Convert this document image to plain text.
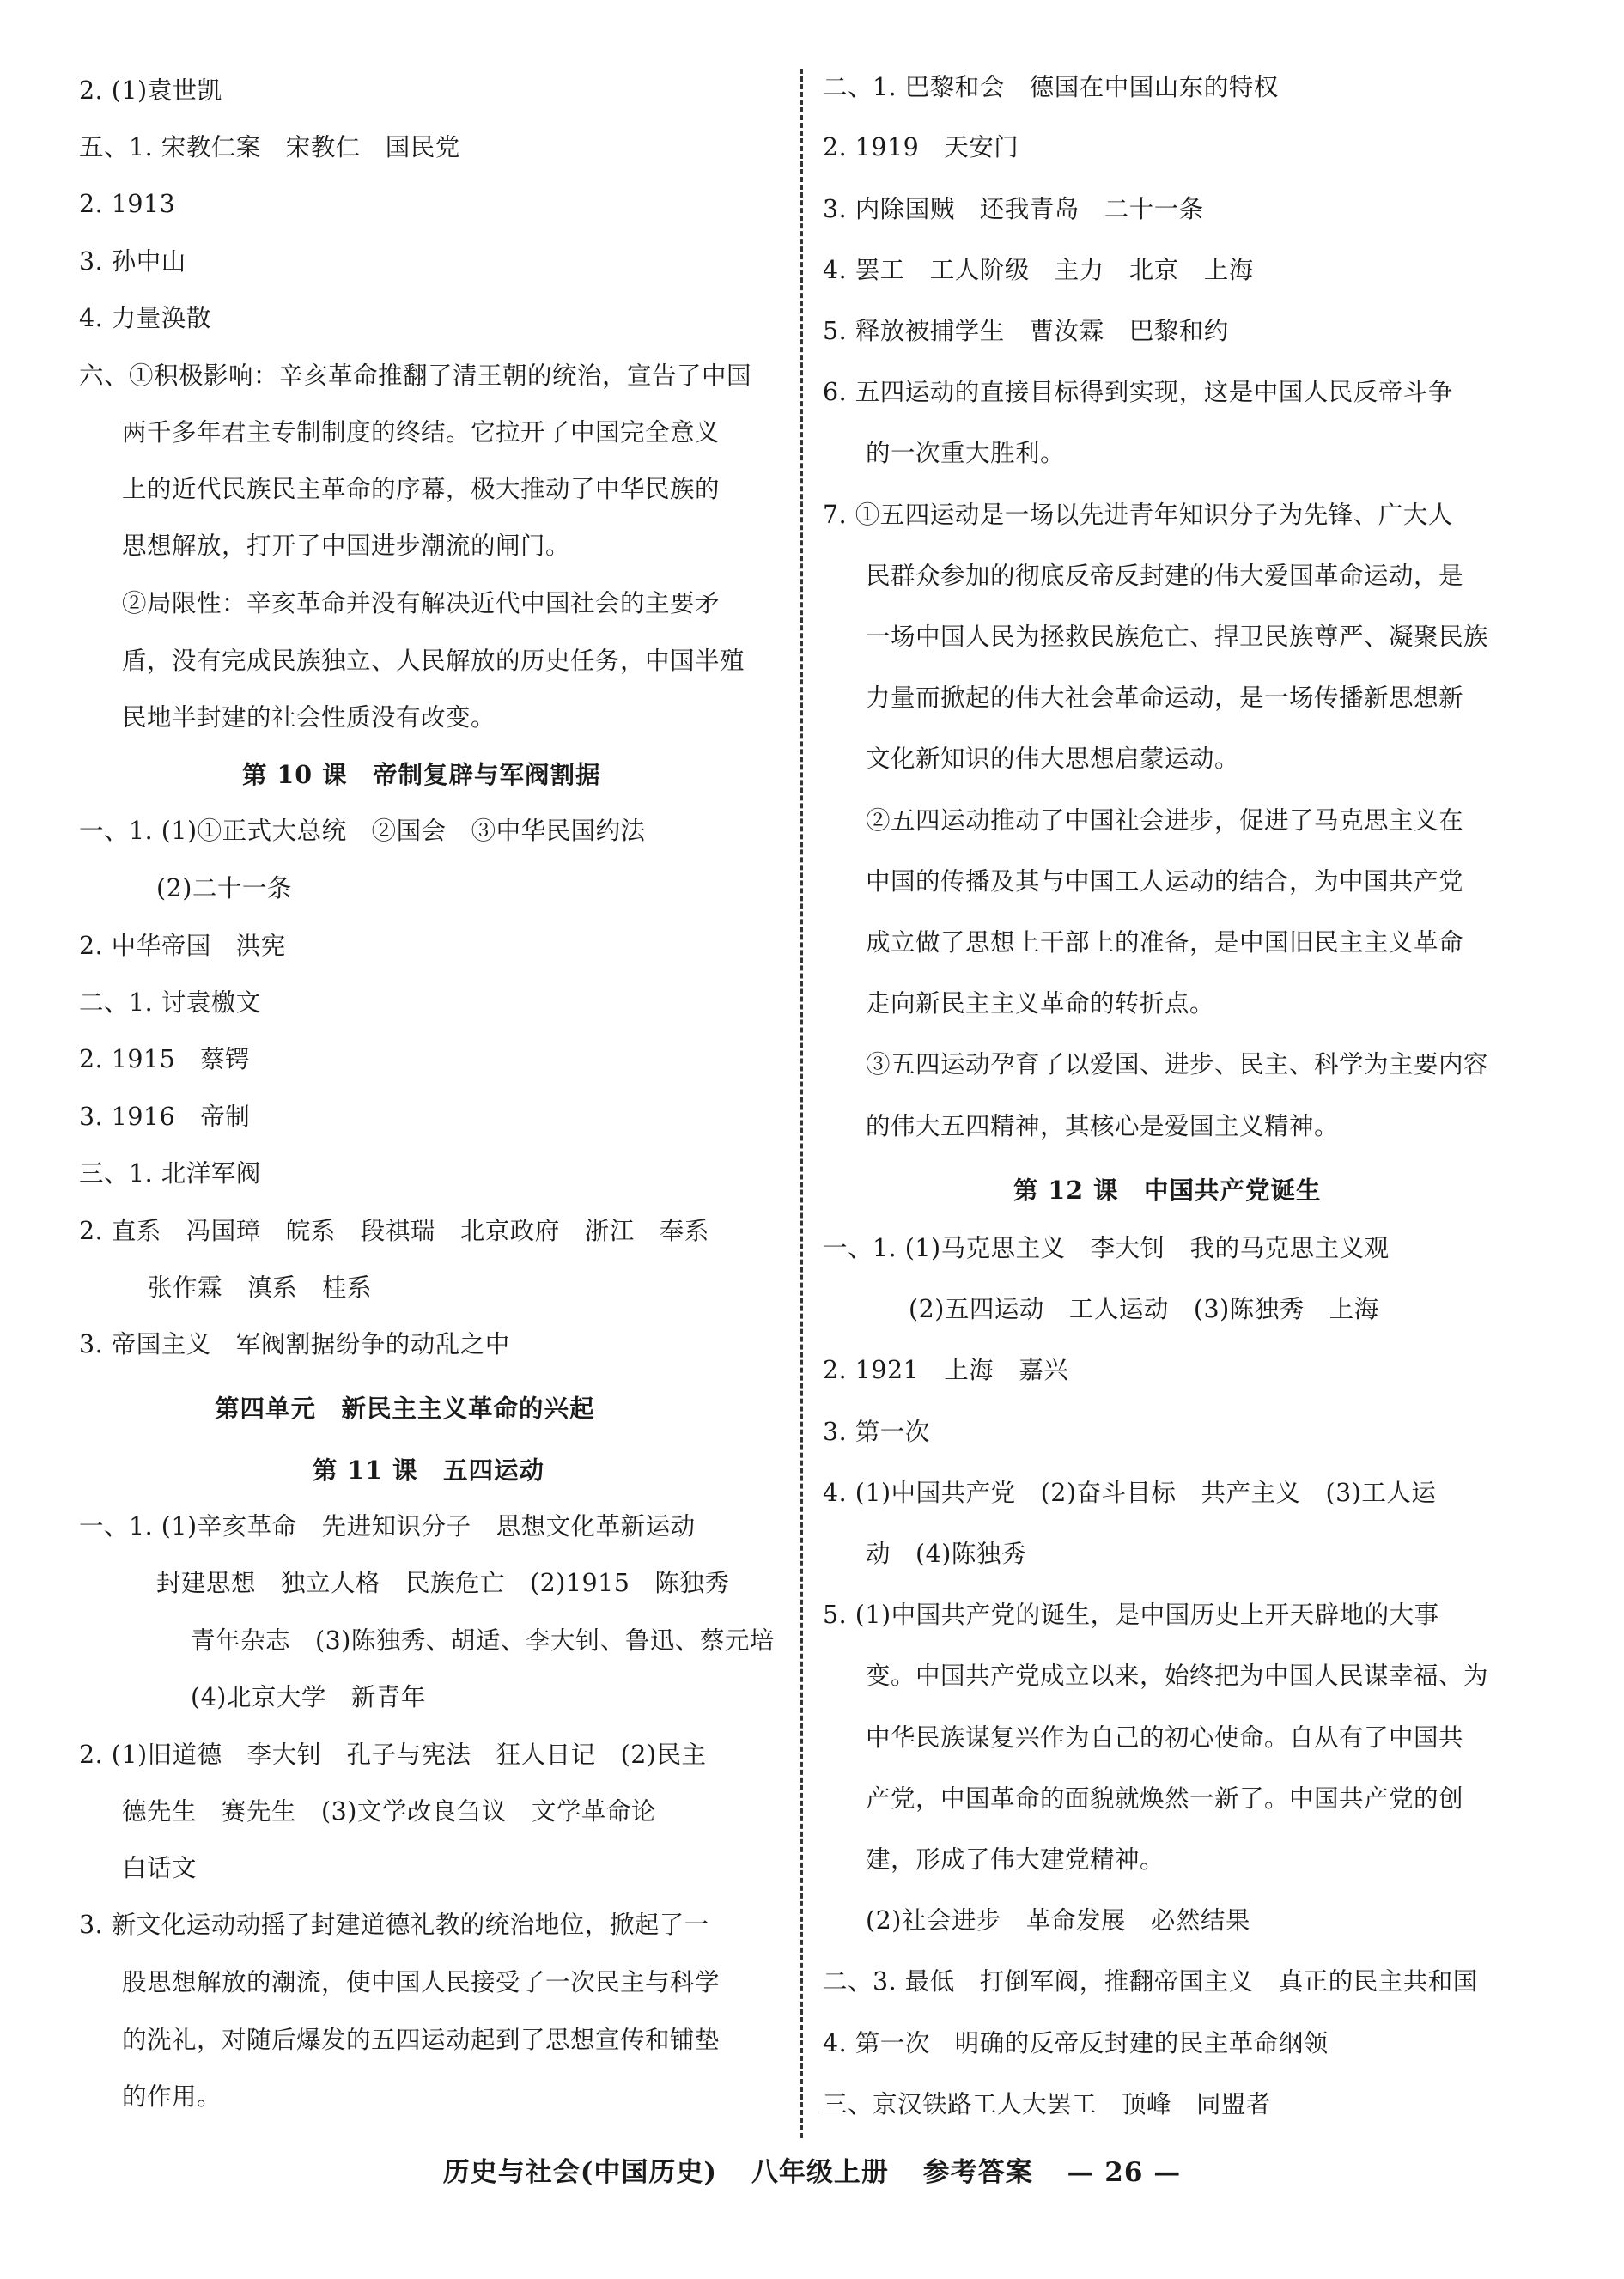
2. (1)袁世凯
五、1. 宋教仁案　宋教仁　国民党
2. 1913
3. 孙中山
4. 力量涣散
六、①积极影响：辛亥革命推翻了清王朝的统治，宣告了中国
两千多年君主专制制度的终结。它拉开了中国完全意义
上的近代民族民主革命的序幕，极大推动了中华民族的
思想解放，打开了中国进步潮流的闸门。
②局限性：辛亥革命并没有解决近代中国社会的主要矛
盾，没有完成民族独立、人民解放的历史任务，中国半殖
民地半封建的社会性质没有改变。
第 10 课　帝制复辟与军阀割据
一、1. (1)①正式大总统　②国会　③中华民国约法
(2)二十一条
2. 中华帝国　洪宪
二、1. 讨袁檄文
2. 1915　蔡锷
3. 1916　帝制
三、1. 北洋军阀
2. 直系　冯国璋　皖系　段祺瑞　北京政府　浙江　奉系
张作霖　滇系　桂系
3. 帝国主义　军阀割据纷争的动乱之中
第四单元　新民主主义革命的兴起
第 11 课　五四运动
一、1. (1)辛亥革命　先进知识分子　思想文化革新运动
封建思想　独立人格　民族危亡　(2)1915　陈独秀
青年杂志　(3)陈独秀、胡适、李大钊、鲁迅、蔡元培
(4)北京大学　新青年
2. (1)旧道德　李大钊　孔子与宪法　狂人日记　(2)民主
德先生　赛先生　(3)文学改良刍议　文学革命论
白话文
3. 新文化运动动摇了封建道德礼教的统治地位，掀起了一
股思想解放的潮流，使中国人民接受了一次民主与科学
的洗礼，对随后爆发的五四运动起到了思想宣传和铺垫
的作用。
二、1. 巴黎和会　德国在中国山东的特权
2. 1919　天安门
3. 内除国贼　还我青岛　二十一条
4. 罢工　工人阶级　主力　北京　上海
5. 释放被捕学生　曹汝霖　巴黎和约
6. 五四运动的直接目标得到实现，这是中国人民反帝斗争
的一次重大胜利。
7. ①五四运动是一场以先进青年知识分子为先锋、广大人
民群众参加的彻底反帝反封建的伟大爱国革命运动，是
一场中国人民为拯救民族危亡、捍卫民族尊严、凝聚民族
力量而掀起的伟大社会革命运动，是一场传播新思想新
文化新知识的伟大思想启蒙运动。
②五四运动推动了中国社会进步，促进了马克思主义在
中国的传播及其与中国工人运动的结合，为中国共产党
成立做了思想上干部上的准备，是中国旧民主主义革命
走向新民主主义革命的转折点。
③五四运动孕育了以爱国、进步、民主、科学为主要内容
的伟大五四精神，其核心是爱国主义精神。
第 12 课　中国共产党诞生
一、1. (1)马克思主义　李大钊　我的马克思主义观
(2)五四运动　工人运动　(3)陈独秀　上海
2. 1921　上海　嘉兴
3. 第一次
4. (1)中国共产党　(2)奋斗目标　共产主义　(3)工人运
动　(4)陈独秀
5. (1)中国共产党的诞生，是中国历史上开天辟地的大事
变。中国共产党成立以来，始终把为中国人民谋幸福、为
中华民族谋复兴作为自己的初心使命。自从有了中国共
产党，中国革命的面貌就焕然一新了。中国共产党的创
建，形成了伟大建党精神。
(2)社会进步　革命发展　必然结果
二、3. 最低　打倒军阀，推翻帝国主义　真正的民主共和国
4. 第一次　明确的反帝反封建的民主革命纲领
三、京汉铁路工人大罢工　顶峰　同盟者
历史与社会(中国历史) 八年级上册 参考答案 — 26 —
